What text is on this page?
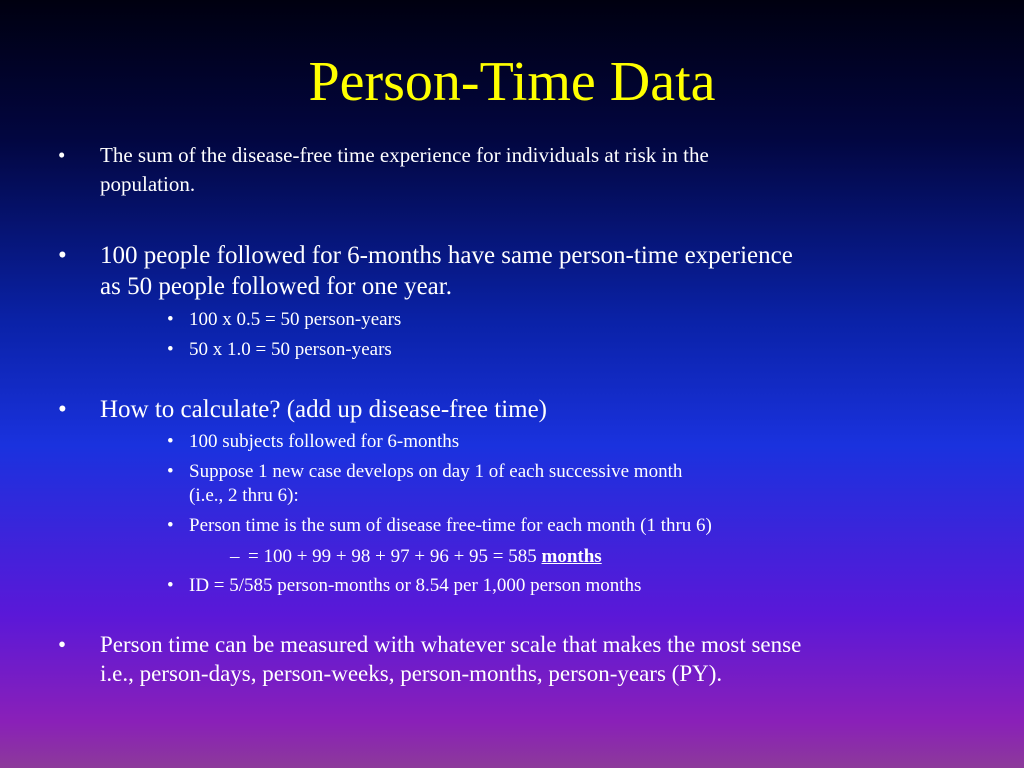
Person-Time Data
• The sum of the disease-free time experience for individuals at risk in the
population.
• 100 people followed for 6-months have same person-time experience
as 50 people followed for one year.
• 100 x 0.5 = 50 person-years
• 50 x 1.0 = 50 person-years
• How to calculate? (add up disease-free time)
• 100 subjects followed for 6-months
• Suppose 1 new case develops on day 1 of each successive month
(i.e., 2 thru 6):
• Person time is the sum of disease free-time for each month (1 thru 6)
– = 100 + 99 + 98 + 97 + 96 + 95 = 585 months
• ID = 5/585 person-months or 8.54 per 1,000 person months
• Person time can be measured with whatever scale that makes the most sense
i.e., person-days, person-weeks, person-months, person-years (PY).
